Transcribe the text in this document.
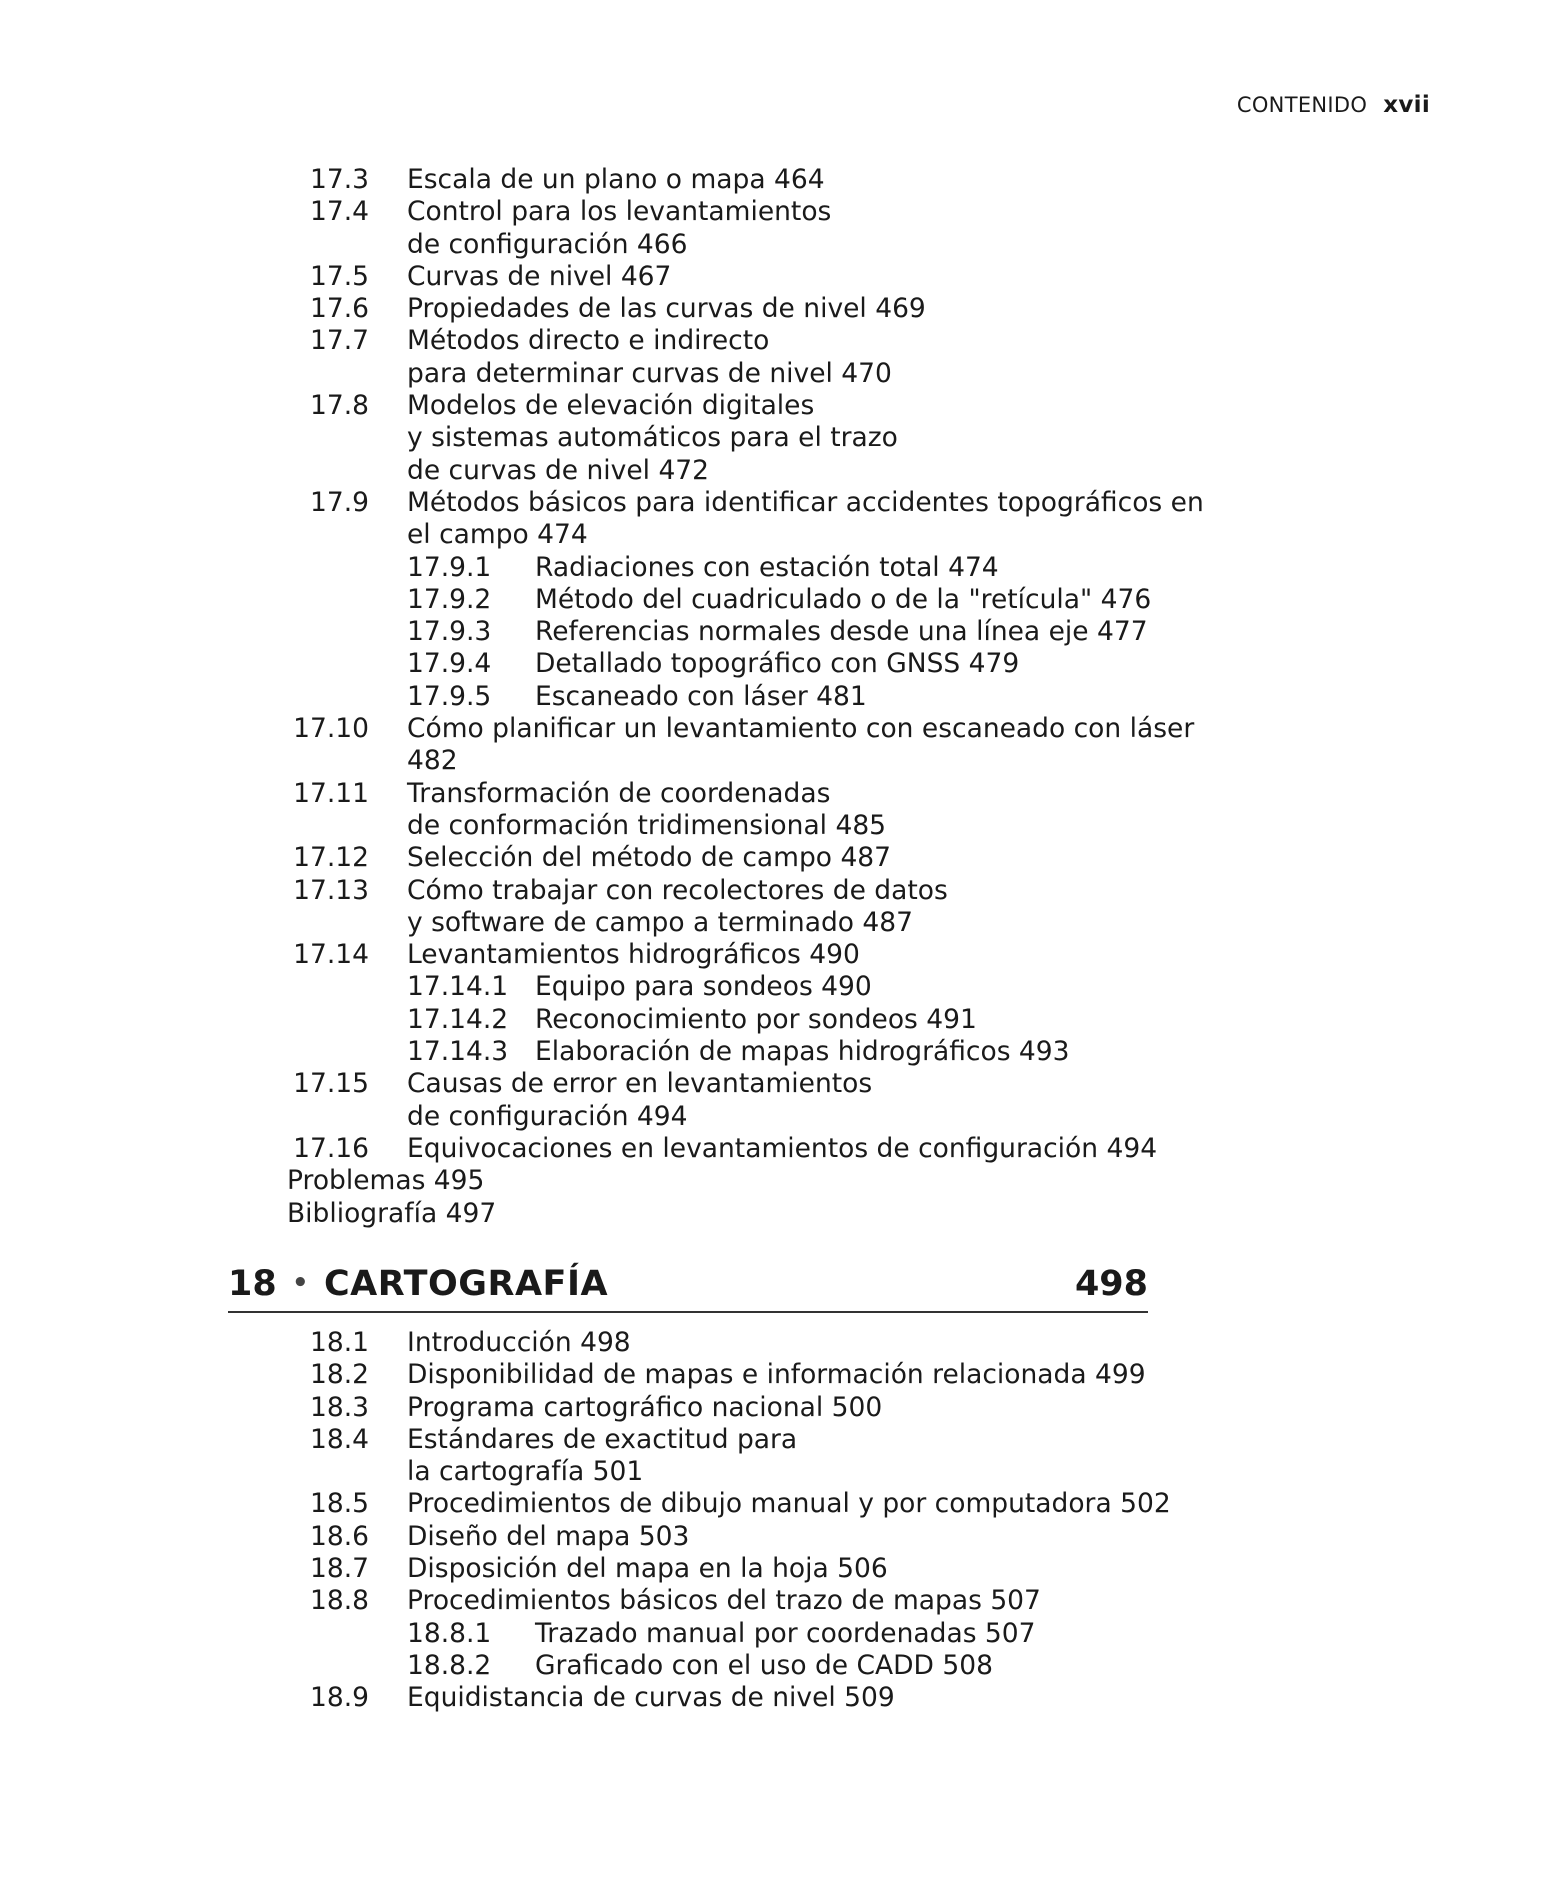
CONTENIDO xvii
17.3 Escala de un plano o mapa 464
17.4 Control para los levantamientos
de configuración 466
17.5 Curvas de nivel 467
17.6 Propiedades de las curvas de nivel 469
17.7 Métodos directo e indirecto
para determinar curvas de nivel 470
17.8 Modelos de elevación digitales
y sistemas automáticos para el trazo
de curvas de nivel 472
17.9 Métodos básicos para identificar accidentes topográficos en
el campo 474
17.9.1 Radiaciones con estación total 474
17.9.2 Método del cuadriculado o de la "retícula" 476
17.9.3 Referencias normales desde una línea eje 477
17.9.4 Detallado topográfico con GNSS 479
17.9.5 Escaneado con láser 481
17.10 Cómo planificar un levantamiento con escaneado con láser
482
17.11 Transformación de coordenadas
de conformación tridimensional 485
17.12 Selección del método de campo 487
17.13 Cómo trabajar con recolectores de datos
y software de campo a terminado 487
17.14 Levantamientos hidrográficos 490
17.14.1 Equipo para sondeos 490
17.14.2 Reconocimiento por sondeos 491
17.14.3 Elaboración de mapas hidrográficos 493
17.15 Causas de error en levantamientos
de configuración 494
17.16 Equivocaciones en levantamientos de configuración 494
Problemas 495
Bibliografía 497
18 • CARTOGRAFÍA	498
18.1 Introducción 498
18.2 Disponibilidad de mapas e información relacionada 499
18.3 Programa cartográfico nacional 500
18.4 Estándares de exactitud para
la cartografía 501
18.5 Procedimientos de dibujo manual y por computadora 502
18.6 Diseño del mapa 503
18.7 Disposición del mapa en la hoja 506
18.8 Procedimientos básicos del trazo de mapas 507
18.8.1 Trazado manual por coordenadas 507
18.8.2 Graficado con el uso de CADD 508
18.9 Equidistancia de curvas de nivel 509
